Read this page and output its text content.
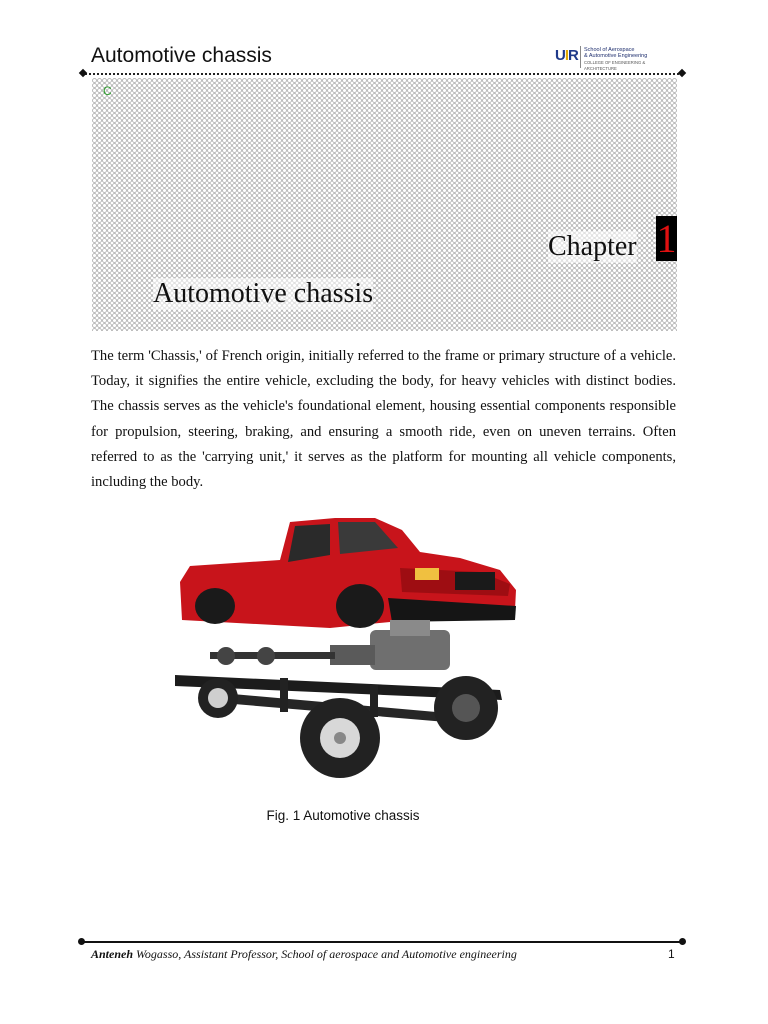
Automotive chassis	UIR School of Aerospace
& Automotive Engineering
COLLEGE OF ENGINEERING & ARCHITECTURE
C
Chapter 1
Automotive chassis

The term 'Chassis,' of French origin, initially referred to the frame or primary structure of a vehicle. Today, it signifies the entire vehicle, excluding the body, for heavy vehicles with distinct bodies. The chassis serves as the vehicle's foundational element, housing essential components responsible for propulsion, steering, braking, and ensuring a smooth ride, even on uneven terrains. Often referred to as the 'carrying unit,' it serves as the platform for mounting all vehicle components, including the body.

Fig. 1 Automotive chassis
Anteneh Wogasso, Assistant Professor, School of aerospace and Automotive engineering	1
